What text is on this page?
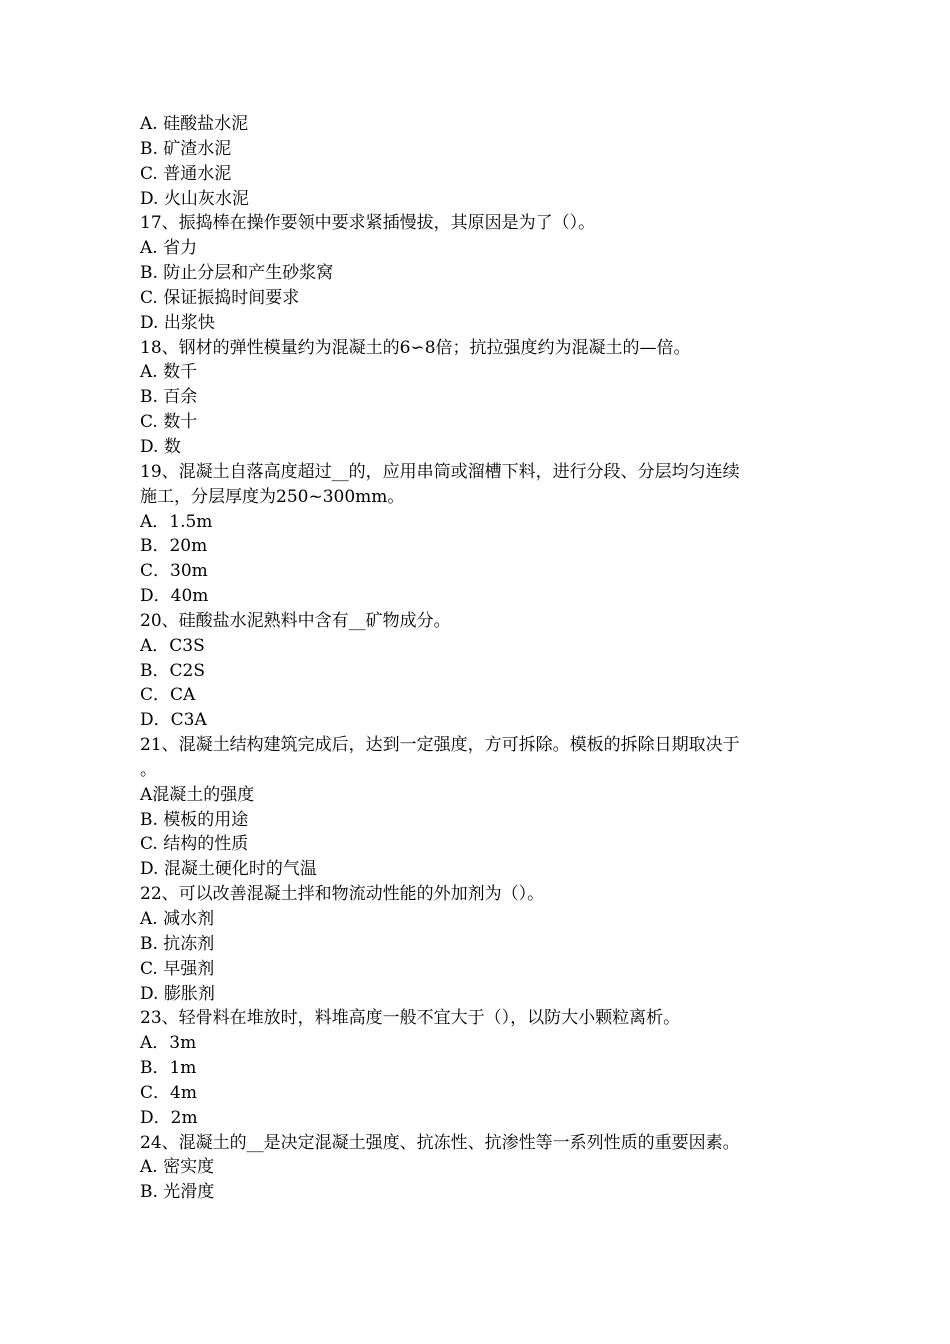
A. 硅酸盐水泥
B. 矿渣水泥
C. 普通水泥
D. 火山灰水泥
17、振捣棒在操作要领中要求紧插慢拔，其原因是为了（）。
A. 省力
B. 防止分层和产生砂浆窝
C. 保证振捣时间要求
D. 出浆快
18、钢材的弹性模量约为混凝土的6∽8倍；抗拉强度约为混凝土的—倍。
A. 数千
B. 百余
C. 数十
D. 数
19、混凝土自落高度超过__的，应用串筒或溜槽下料，进行分段、分层均匀连续
施工，分层厚度为250~300mm。
A．1.5m
B．20m
C．30m
D．40m
20、硅酸盐水泥熟料中含有__矿物成分。
A．C3S
B．C2S
C．CA
D．C3A
21、混凝土结构建筑完成后，达到一定强度，方可拆除。模板的拆除日期取决于
。
A混凝土的强度
B. 模板的用途
C. 结构的性质
D. 混凝土硬化时的气温
22、可以改善混凝土拌和物流动性能的外加剂为（）。
A. 减水剂
B. 抗冻剂
C. 早强剂
D. 膨胀剂
23、轻骨料在堆放时，料堆高度一般不宜大于（），以防大小颗粒离析。
A．3m
B．1m
C．4m
D．2m
24、混凝土的__是决定混凝土强度、抗冻性、抗渗性等一系列性质的重要因素。
A. 密实度
B. 光滑度
